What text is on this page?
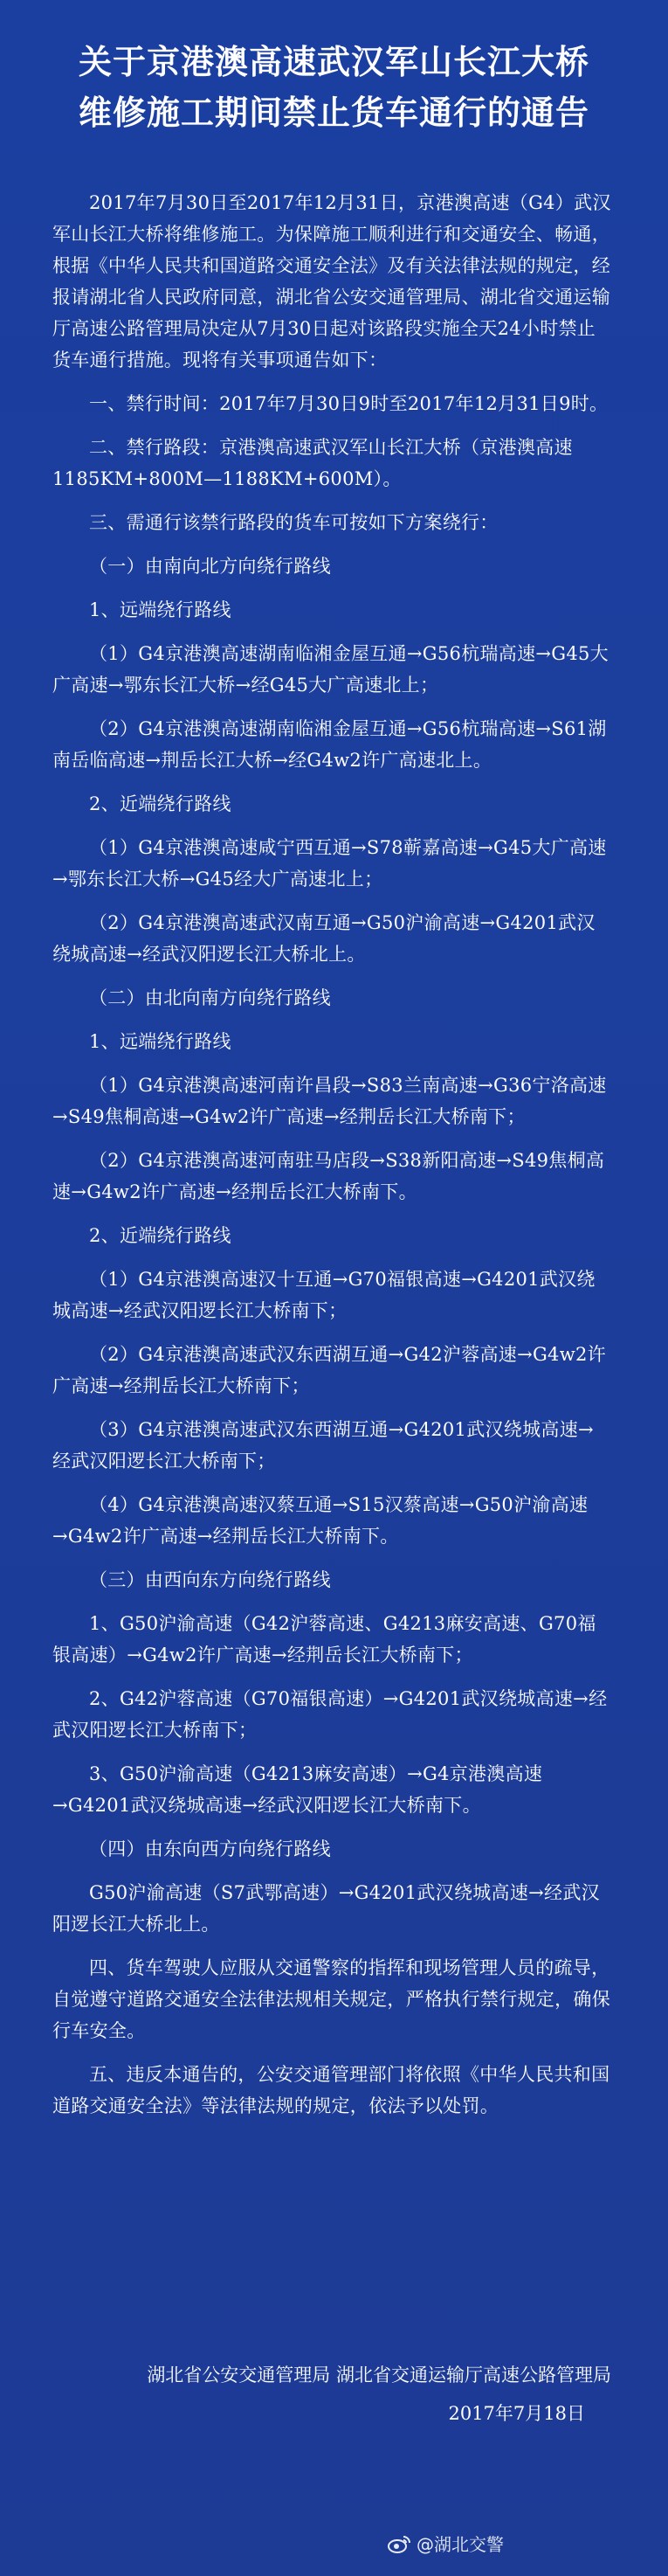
关于京港澳高速武汉军山长江大桥
维修施工期间禁止货车通行的通告

2017年7月30日至2017年12月31日，京港澳高速（G4）武汉军山长江大桥将维修施工。为保障施工顺利进行和交通安全、畅通，根据《中华人民共和国道路交通安全法》及有关法律法规的规定，经报请湖北省人民政府同意，湖北省公安交通管理局、湖北省交通运输厅高速公路管理局决定从7月30日起对该路段实施全天24小时禁止货车通行措施。现将有关事项通告如下：

一、禁行时间：2017年7月30日9时至2017年12月31日9时。

二、禁行路段：京港澳高速武汉军山长江大桥（京港澳高速1185KM+800M—1188KM+600M）。

三、需通行该禁行路段的货车可按如下方案绕行：

（一）由南向北方向绕行路线

1、远端绕行路线

（1）G4京港澳高速湖南临湘金屋互通→G56杭瑞高速→G45大广高速→鄂东长江大桥→经G45大广高速北上；

（2）G4京港澳高速湖南临湘金屋互通→G56杭瑞高速→S61湖南岳临高速→荆岳长江大桥→经G4w2许广高速北上。

2、近端绕行路线

（1）G4京港澳高速咸宁西互通→S78蕲嘉高速→G45大广高速→鄂东长江大桥→G45经大广高速北上；

（2）G4京港澳高速武汉南互通→G50沪渝高速→G4201武汉绕城高速→经武汉阳逻长江大桥北上。

（二）由北向南方向绕行路线

1、远端绕行路线

（1）G4京港澳高速河南许昌段→S83兰南高速→G36宁洛高速→S49焦桐高速→G4w2许广高速→经荆岳长江大桥南下；

（2）G4京港澳高速河南驻马店段→S38新阳高速→S49焦桐高速→G4w2许广高速→经荆岳长江大桥南下。

2、近端绕行路线

（1）G4京港澳高速汉十互通→G70福银高速→G4201武汉绕城高速→经武汉阳逻长江大桥南下；

（2）G4京港澳高速武汉东西湖互通→G42沪蓉高速→G4w2许广高速→经荆岳长江大桥南下；

（3）G4京港澳高速武汉东西湖互通→G4201武汉绕城高速→经武汉阳逻长江大桥南下；

（4）G4京港澳高速汉蔡互通→S15汉蔡高速→G50沪渝高速→G4w2许广高速→经荆岳长江大桥南下。

（三）由西向东方向绕行路线

1、G50沪渝高速（G42沪蓉高速、G4213麻安高速、G70福银高速）→G4w2许广高速→经荆岳长江大桥南下；

2、G42沪蓉高速（G70福银高速）→G4201武汉绕城高速→经武汉阳逻长江大桥南下；

3、G50沪渝高速（G4213麻安高速）→G4京港澳高速→G4201武汉绕城高速→经武汉阳逻长江大桥南下。

（四）由东向西方向绕行路线

G50沪渝高速（S7武鄂高速）→G4201武汉绕城高速→经武汉阳逻长江大桥北上。

四、货车驾驶人应服从交通警察的指挥和现场管理人员的疏导，自觉遵守道路交通安全法律法规相关规定，严格执行禁行规定，确保行车安全。

五、违反本通告的，公安交通管理部门将依照《中华人民共和国道路交通安全法》等法律法规的规定，依法予以处罚。

湖北省公安交通管理局 湖北省交通运输厅高速公路管理局

2017年7月18日

@湖北交警
